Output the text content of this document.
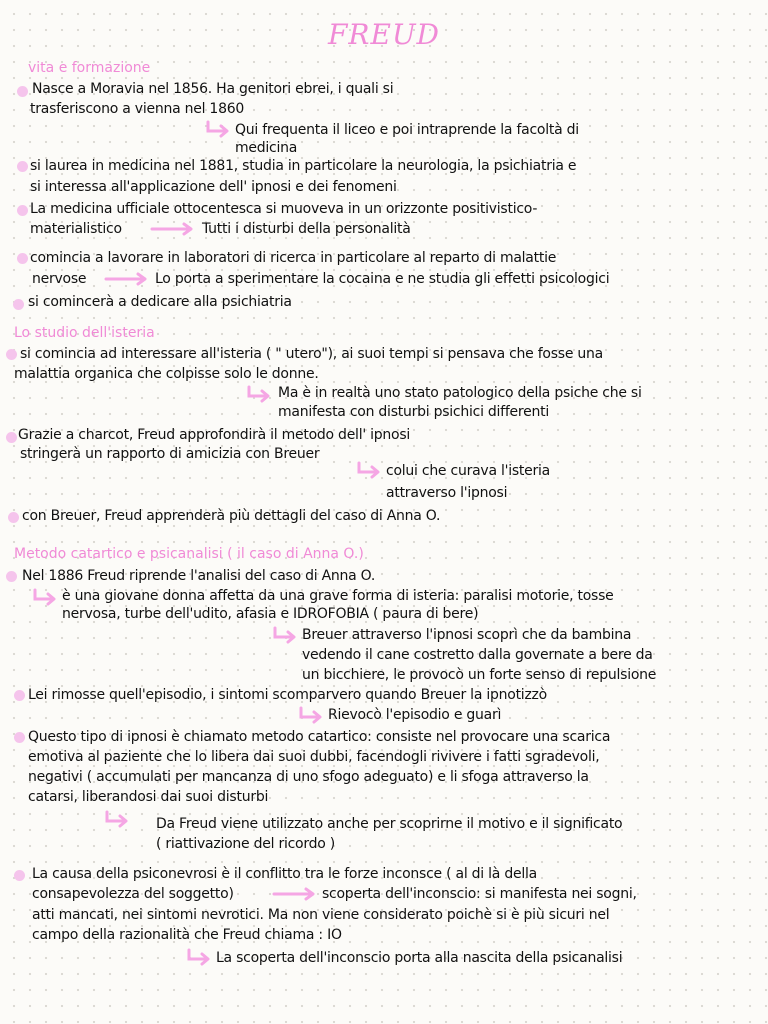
FREUD
vita e formazione
Nasce a Moravia nel 1856. Ha genitori ebrei, i quali si
trasferiscono a vienna nel 1860
Qui frequenta il liceo e poi intraprende la facoltà di
medicina
si laurea in medicina nel 1881, studia in particolare la neurologia, la psichiatria e
si interessa all'applicazione dell' ipnosi e dei fenomeni
La medicina ufficiale ottocentesca si muoveva in un orizzonte positivistico-
materialistico	Tutti i disturbi della personalità
comincia a lavorare in laboratori di ricerca in particolare al reparto di malattie
nervose	Lo porta a sperimentare la cocaina e ne studia gli effetti psicologici
si comincerà a dedicare alla psichiatria
Lo studio dell'isteria
si comincia ad interessare all'isteria ( " utero"), ai suoi tempi si pensava che fosse una
malattia organica che colpisse solo le donne.
Ma è in realtà uno stato patologico della psiche che si
manifesta con disturbi psichici differenti
Grazie a charcot, Freud approfondirà il metodo dell' ipnosi
stringerà un rapporto di amicizia con Breuer
colui che curava l'isteria
attraverso l'ipnosi
con Breuer, Freud apprenderà più dettagli del caso di Anna O.
Metodo catartico e psicanalisi ( il caso di Anna O.)
Nel 1886 Freud riprende l'analisi del caso di Anna O.
è una giovane donna affetta da una grave forma di isteria: paralisi motorie, tosse
nervosa, turbe dell'udito, afasia e IDROFOBIA ( paura di bere)
Breuer attraverso l'ipnosi scoprì che da bambina
vedendo il cane costretto dalla governate a bere da
un bicchiere, le provocò un forte senso di repulsione
Lei rimosse quell'episodio, i sintomi scomparvero quando Breuer la ipnotizzò
Rievocò l'episodio e guarì
Questo tipo di ipnosi è chiamato metodo catartico: consiste nel provocare una scarica
emotiva al paziente che lo libera dai suoi dubbi, facendogli rivivere i fatti sgradevoli,
negativi ( accumulati per mancanza di uno sfogo adeguato) e li sfoga attraverso la
catarsi, liberandosi dai suoi disturbi
Da Freud viene utilizzato anche per scoprirne il motivo e il significato
( riattivazione del ricordo )
La causa della psiconevrosi è il conflitto tra le forze inconsce ( al di là della
consapevolezza del soggetto)	scoperta dell'inconscio: si manifesta nei sogni,
atti mancati, nei sintomi nevrotici. Ma non viene considerato poichè si è più sicuri nel
campo della razionalità che Freud chiama : IO
La scoperta dell'inconscio porta alla nascita della psicanalisi
